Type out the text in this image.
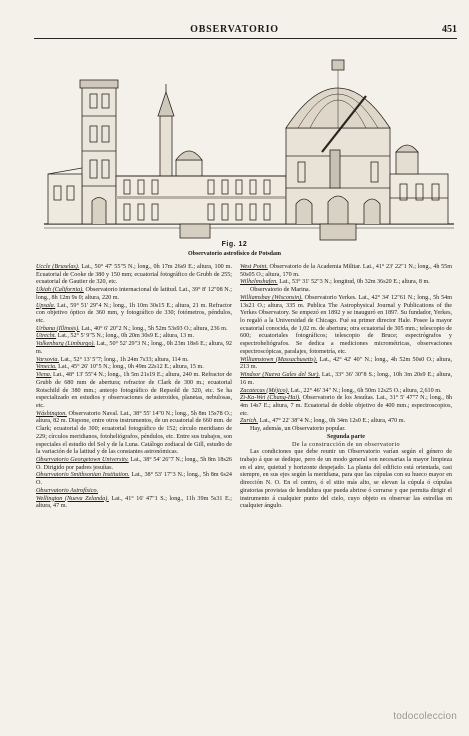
OBSERVATORIO	451
Fig. 12
Observatorio astrofísico de Potsdam

Uccle (Bruselas). Lat., 50° 47' 55"5 N.; long., 0h 17m 26s9 E.; altura, 100 m. Ecuatorial de Cooke de 380 y 150 mm; ecuatorial fotográfico de Grubb de 255; ecuatorial de Gautier de 320, etc.

Ukiah (California). Observatorio internacional de latitud. Lat., 39° 8' 12"08 N.; long., 8h 12m 9s 0; altura, 220 m.

Upsala. Lat., 59° 51' 29"4 N.; long., 1h 10m 30s15 E.; altura, 21 m. Refractor con objetivo óptico de 360 mm, y fotográfico de 330; fotómetros, péndulos, etc.

Urbana (Illinois). Lat., 40° 6' 20"2 N.; long., 5h 52m 53s93 O.; altura, 236 m.

Utrecht. Lat., 52° 5' 9"5 N.; long., 0h 20m 30s9 E.; altura, 13 m.

Valkenburg (Limburgo). Lat., 50° 52' 29"3 N.; long., 0h 23m 18s6 E.; altura, 92 m.

Varsovia. Lat., 52° 13' 5"7; long., 1h 24m 7s33; altura, 114 m.

Venecia. Lat., 45° 26' 10"5 N.; long., 0h 49m 22s12 E.; altura, 15 m.

Viena. Lat., 48° 13' 55"4 N.; long., 1h 5m 21s19 E.; altura, 240 m. Refractor de Grubb de 680 mm de abertura; refractor de Clark de 300 m.; ecuatorial Rotschild de 380 mm.; anteojo fotográfico de Repsold de 320, etc. Se ha especializado en estudios y observaciones de asteroides, planetas, nebulosas, etc.

Wáshington. Observatorio Naval. Lat., 38° 55' 14"0 N.; long., 5h 8m 15s78 O.; altura, 82 m. Dispone, entre otros instrumentos, de un ecuatorial de 660 mm. de Clark; ecuatorial de 300; ecuatorial fotográfico de 152; círculo meridiano de 229; círculos meridianos, fotoheliógrafos, péndulos, etc. Entre sus trabajos, son especiales el estudio del Sol y de la Luna. Catálogo zodiacal de Gill, estudio de la variación de la latitud y de las constantes astronómicas.

Observatorio Georgetown University. Lat., 38° 54' 26"7 N.; long., 5h 8m 18s26 O. Dirigido por padres jesuítas.

Observatorio Smithsonian Institution. Lat., 38° 53' 17"3 N.; long., 5h 8m 6s24 O.

Observatorio Astrofísico.

Wellington (Nueva Zelanda). Lat., 41° 16' 47"1 S.; long., 11h 39m 5s31 E.; altura, 47 m.

West Point. Observatorio de la Academia Militar. Lat., 41° 23' 22"1 N.; long., 4h 55m 50s05 O.; altura, 170 m.

Wilhelmshafen. Lat., 53° 31' 52"3 N.; longitud, 0h 32m 36s20 E.; altura, 8 m.

Observatorio de Marina.

Williamsbay (Wisconsin). Observatorio Yerkes. Lat., 42° 34' 12"61 N.; long., 5h 54m 13s21 O.; altura, 335 m. Publica The Astrophysical Journal y Publications of the Yerkes Observatory. Se empezó en 1892 y se inauguró en 1897. Su fundador, Yerkes, lo regaló a la Universidad de Chicago. Fué su primer director Hale. Posee la mayor ecuatorial conocida, de 1,02 m. de abertura; otra ecuatorial de 305 mm.; telescopio de 600; ecuatoriales fotográficos; telescopio de Bruce; espectrógrafos y espectroheliógrafos. Se dedica a mediciones micrométricas, observaciones espectroscópicas, paralajes, fotometría, etc.

Williamstown (Massachusetts). Lat., 42° 42' 40" N.; long., 4h 52m 50s0 O.; altura, 213 m.

Windsor (Nueva Gales del Sur). Lat., 33° 36' 30"8 S.; long., 10h 3m 20s9 E.; altura, 16 m.

Zacatecas (Méjico). Lat., 22° 46' 34" N.; long., 6h 50m 12s25 O.; altura, 2,610 m.

Zi-Ka-Wei (Chang-Hai). Observatorio de los Jesuítas. Lat., 31° 5' 47"7 N.; long., 8h 4m 14s7 E.; altura, 7 m. Ecuatorial de doble objetivo de 400 mm.; espectroscopios, etc.

Zurich. Lat., 47° 22' 38"4 N.; long., 0h 34m 12s0 E.; altura, 470 m.

Hay, además, un Observatorio popular.

Segunda parte

De la construcción de un observatorio

Las condiciones que debe reunir un Observatorio varían según el género de trabajo á que se dedique, pero de un modo general son necesarias la mayor limpieza en el aire, quietud y horizonte despejado. La planta del edificio está orientada, casi siempre, en sus ejes según la meridiana, para que las cúpulas con su hueco mayor en dirección N. O. En el centro, ó el sitio más alto, se elevan la cúpula ó cúpulas giratorias provistas de hendidura que pueda abrirse ó cerrarse y que permita dirigir el instrumento á cualquier punto del cielo, cuyo objeto es observar las estrellas en cualquier ángulo.

todocoleccion
